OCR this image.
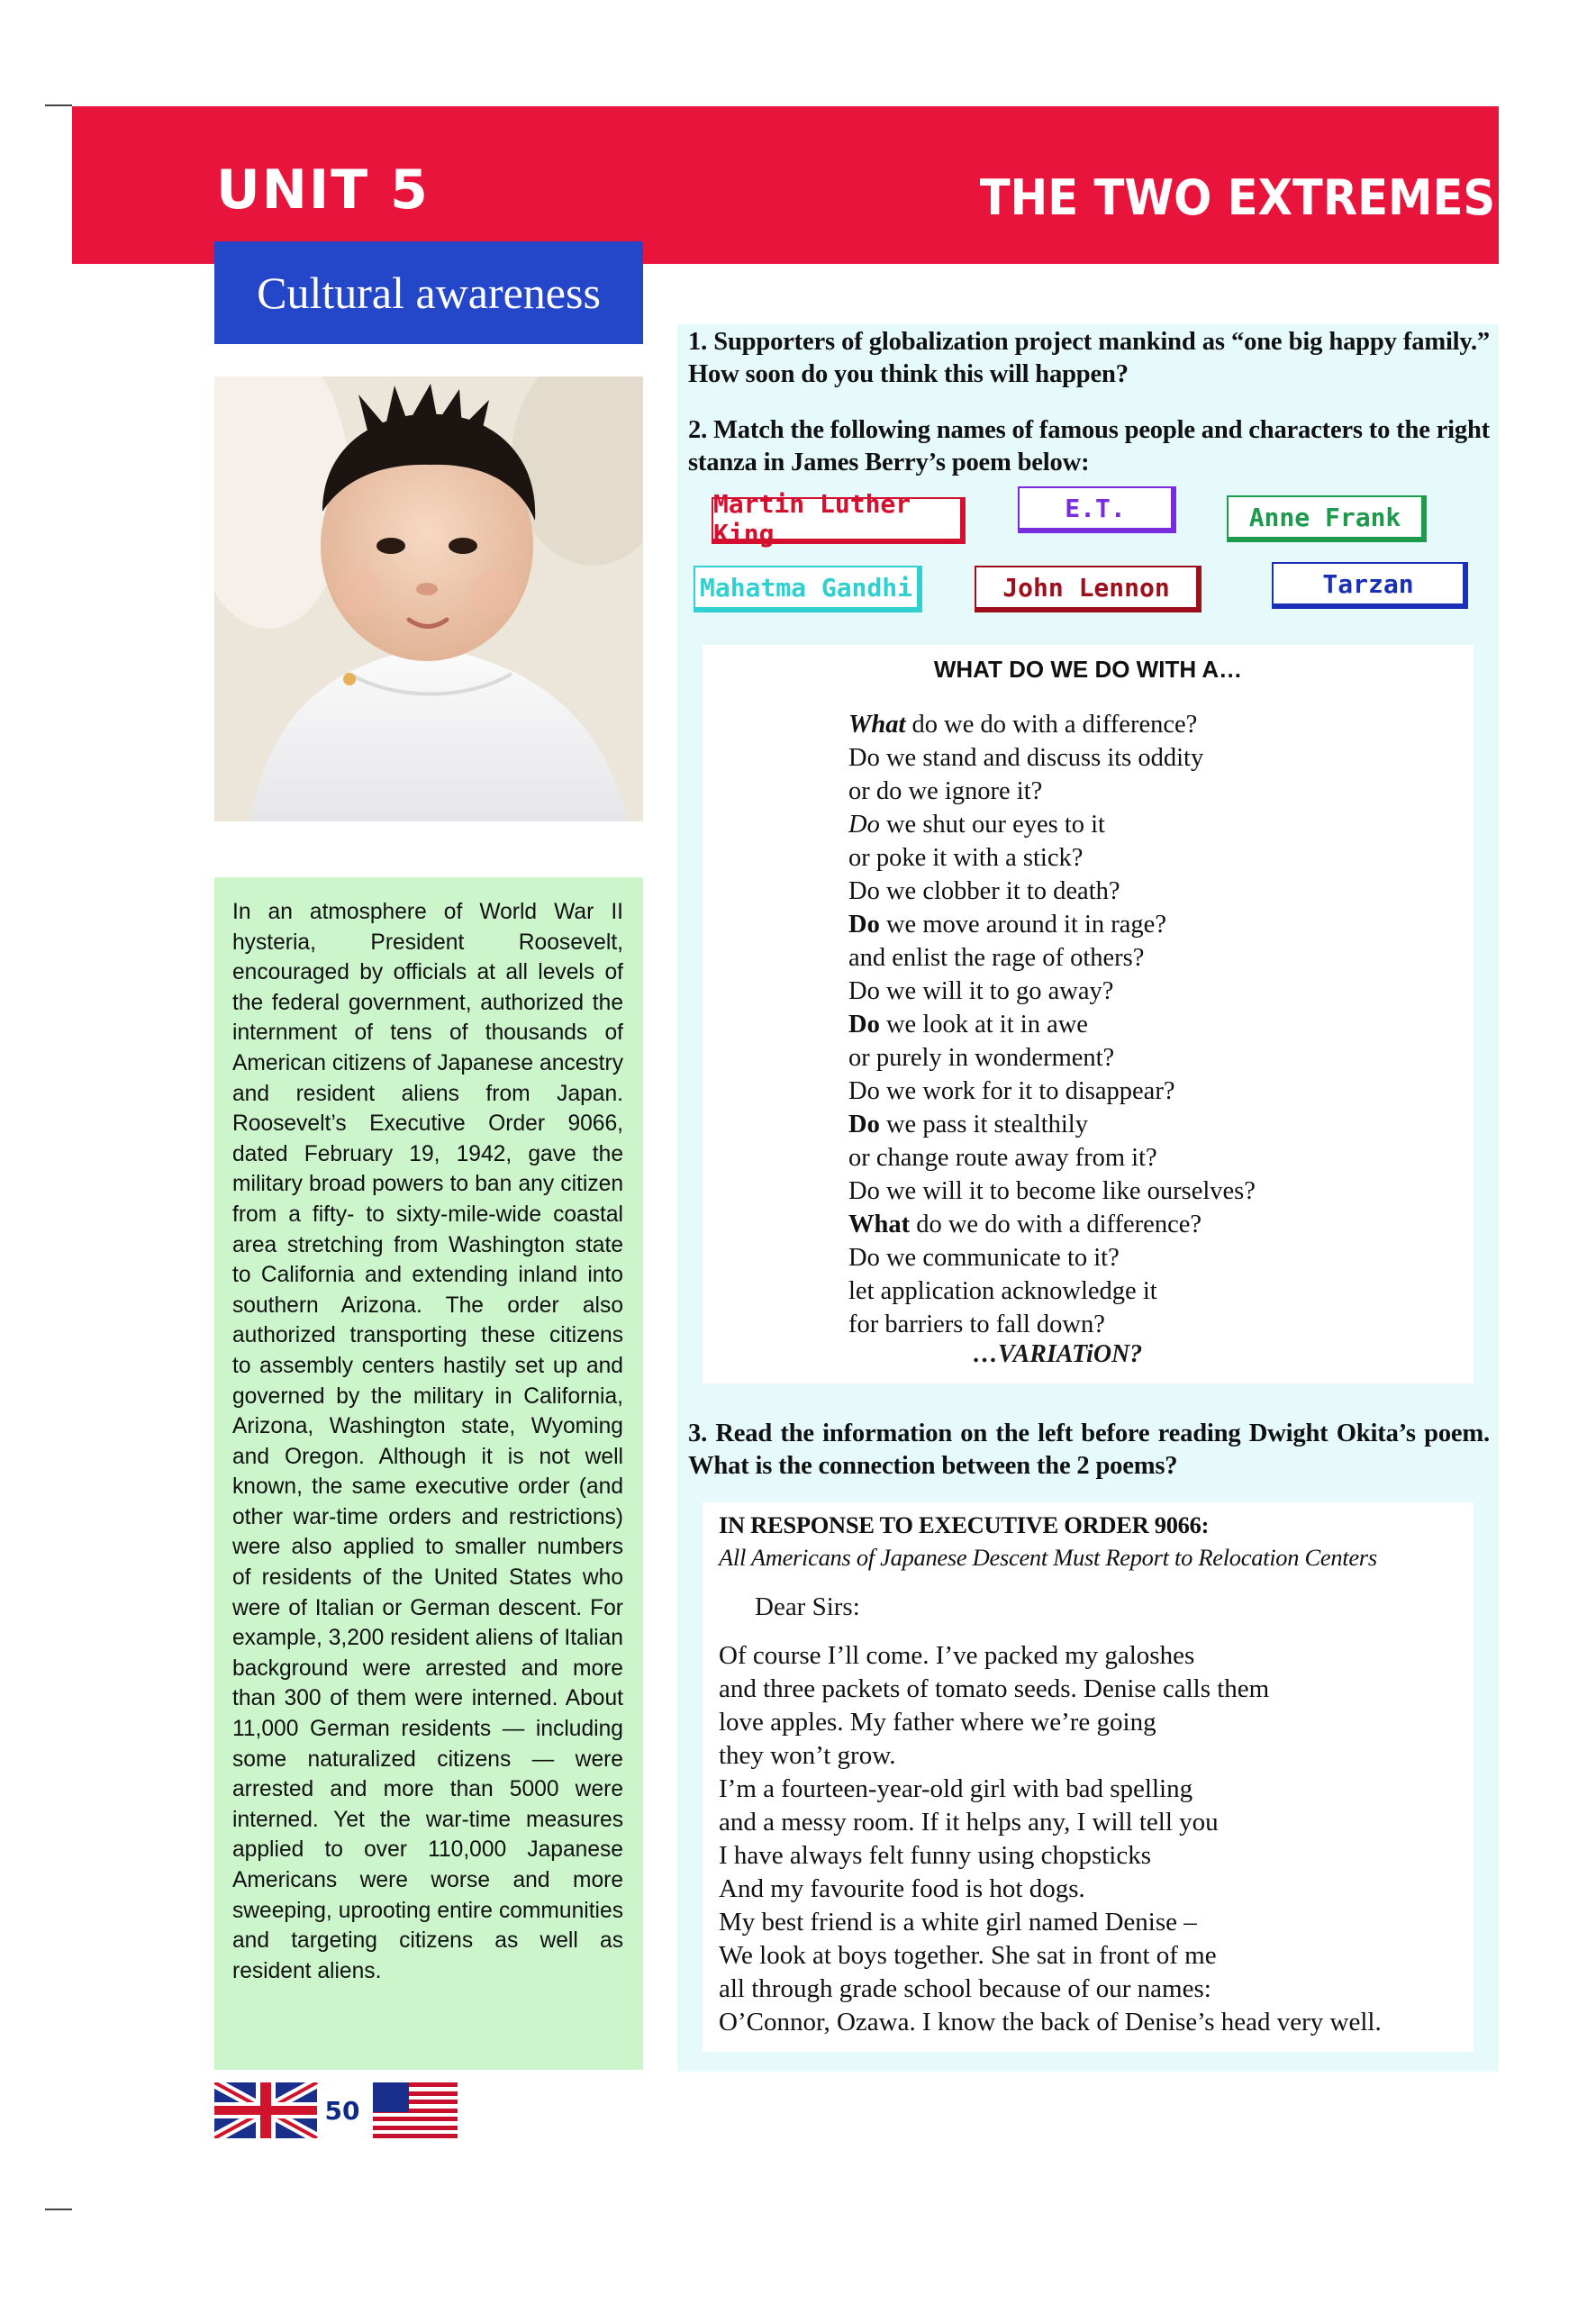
UNIT 5	THE TWO EXTREMES
Cultural awareness

In an atmosphere of World War II hysteria, President Roosevelt, encouraged by officials at all levels of the federal government, authorized the internment of tens of thousands of American citizens of Japanese ancestry and resident aliens from Japan. Roosevelt’s Executive Order 9066, dated February 19, 1942, gave the military broad powers to ban any citizen from a fifty- to sixty-mile-wide coastal area stretching from Washington state to California and extending inland into southern Arizona. The order also authorized transporting these citizens to assembly centers hastily set up and governed by the military in California, Arizona, Washington state, Wyoming and Oregon. Although it is not well known, the same executive order (and other war-time orders and restrictions) were also applied to smaller numbers of residents of the United States who were of Italian or German descent. For example, 3,200 resident aliens of Italian background were arrested and more than 300 of them were interned. About 11,000 German residents — including some naturalized citizens — were arrested and more than 5000 were interned. Yet the war-time measures applied to over 110,000 Japanese Americans were worse and more sweeping, uprooting entire communities and targeting citizens as well as resident aliens.

1. Supporters of globalization project mankind as “one big happy family.” How soon do you think this will happen?

2. Match the following names of famous people and characters to the right stanza in James Berry’s poem below:

Martin Luther King
E.T.	Anne Frank
Mahatma Gandhi	John Lennon	Tarzan

WHAT DO WE DO WITH A…

What do we do with a difference?
Do we stand and discuss its oddity
or do we ignore it?
Do we shut our eyes to it
or poke it with a stick?
Do we clobber it to death?
Do we move around it in rage?
and enlist the rage of others?
Do we will it to go away?
Do we look at it in awe
or purely in wonderment?
Do we work for it to disappear?
Do we pass it stealthily
or change route away from it?
Do we will it to become like ourselves?
What do we do with a difference?
Do we communicate to it?
let application acknowledge it
for barriers to fall down?

…VARIATiON?

3. Read the information on the left before reading Dwight Okita’s poem. What is the connection between the 2 poems?

IN RESPONSE TO EXECUTIVE ORDER 9066:

All Americans of Japanese Descent Must Report to Relocation Centers

Dear Sirs:

Of course I’ll come. I’ve packed my galoshes
and three packets of tomato seeds. Denise calls them
love apples. My father where we’re going
they won’t grow.
I’m a fourteen-year-old girl with bad spelling
and a messy room. If it helps any, I will tell you
I have always felt funny using chopsticks
And my favourite food is hot dogs.
My best friend is a white girl named Denise –
We look at boys together. She sat in front of me
all through grade school because of our names:
O’Connor, Ozawa. I know the back of Denise’s head very well.
50
